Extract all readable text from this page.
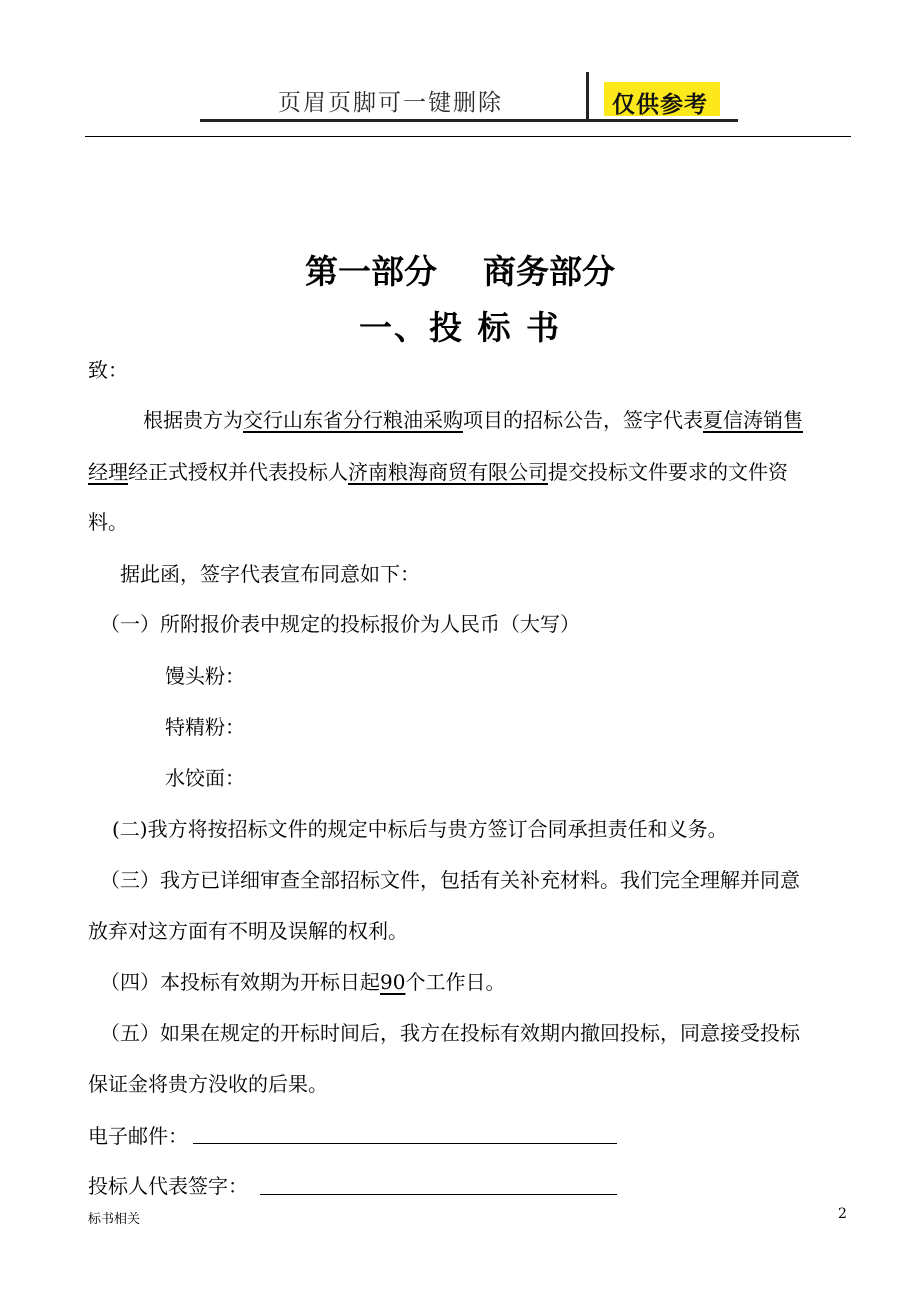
页眉页脚可一键删除	仅供参考
第一部分    商务部分
一、投 标 书
致：
根据贵方为交行山东省分行粮油采购项目的招标公告，签字代表夏信涛销售
经理经正式授权并代表投标人济南粮海商贸有限公司提交投标文件要求的文件资
料。
据此函，签字代表宣布同意如下：
（一）所附报价表中规定的投标报价为人民币（大写）
馒头粉：
特精粉：
水饺面：
(二)我方将按招标文件的规定中标后与贵方签订合同承担责任和义务。
（三）我方已详细审查全部招标文件，包括有关补充材料。我们完全理解并同意
放弃对这方面有不明及误解的权利。
（四）本投标有效期为开标日起90个工作日。
（五）如果在规定的开标时间后，我方在投标有效期内撤回投标，同意接受投标
保证金将贵方没收的后果。
电子邮件：
投标人代表签字：
标书相关	2
